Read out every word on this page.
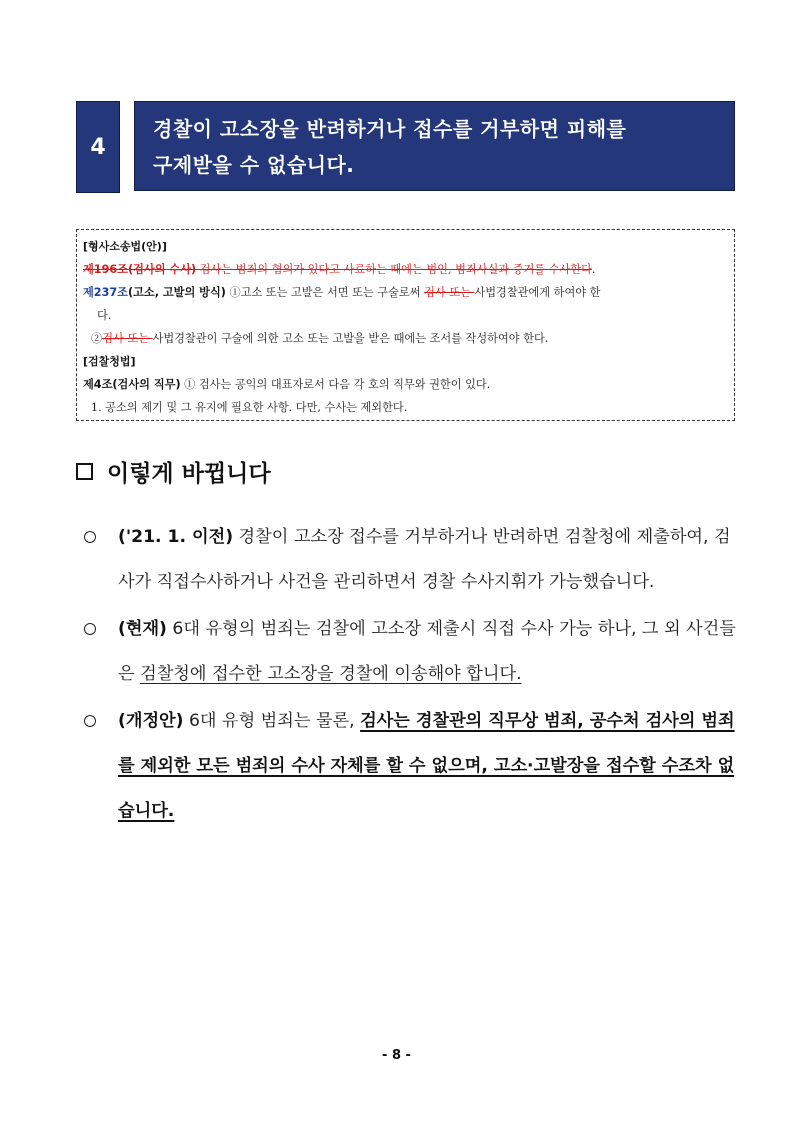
4
경찰이 고소장을 반려하거나 접수를 거부하면 피해를
구제받을 수 없습니다.
[형사소송법(안)]
제196조(검사의 수사) 검사는 범죄의 혐의가 있다고 사료하는 때에는 범인, 범죄사실과 증거를 수사한다.
제237조(고소, 고발의 방식) ①고소 또는 고발은 서면 또는 구술로써 검사 또는 사법경찰관에게 하여야 한
다.
②검사 또는 사법경찰관이 구술에 의한 고소 또는 고발을 받은 때에는 조서를 작성하여야 한다.
[검찰청법]
제4조(검사의 직무) ① 검사는 공익의 대표자로서 다음 각 호의 직무와 권한이 있다.
1. 공소의 제기 및 그 유지에 필요한 사항. 다만, 수사는 제외한다.
이렇게 바뀝니다
('21. 1. 이전) 경찰이 고소장 접수를 거부하거나 반려하면 검찰청에 제출하여, 검사가 직접수사하거나 사건을 관리하면서 경찰 수사지휘가 가능했습니다.
(현재) 6대 유형의 범죄는 검찰에 고소장 제출시 직접 수사 가능 하나, 그 외 사건들은 검찰청에 접수한 고소장을 경찰에 이송해야 합니다.
(개정안) 6대 유형 범죄는 물론, 검사는 경찰관의 직무상 범죄, 공수처 검사의 범죄를 제외한 모든 범죄의 수사 자체를 할 수 없으며, 고소·고발장을 접수할 수조차 없습니다.
- 8 -
